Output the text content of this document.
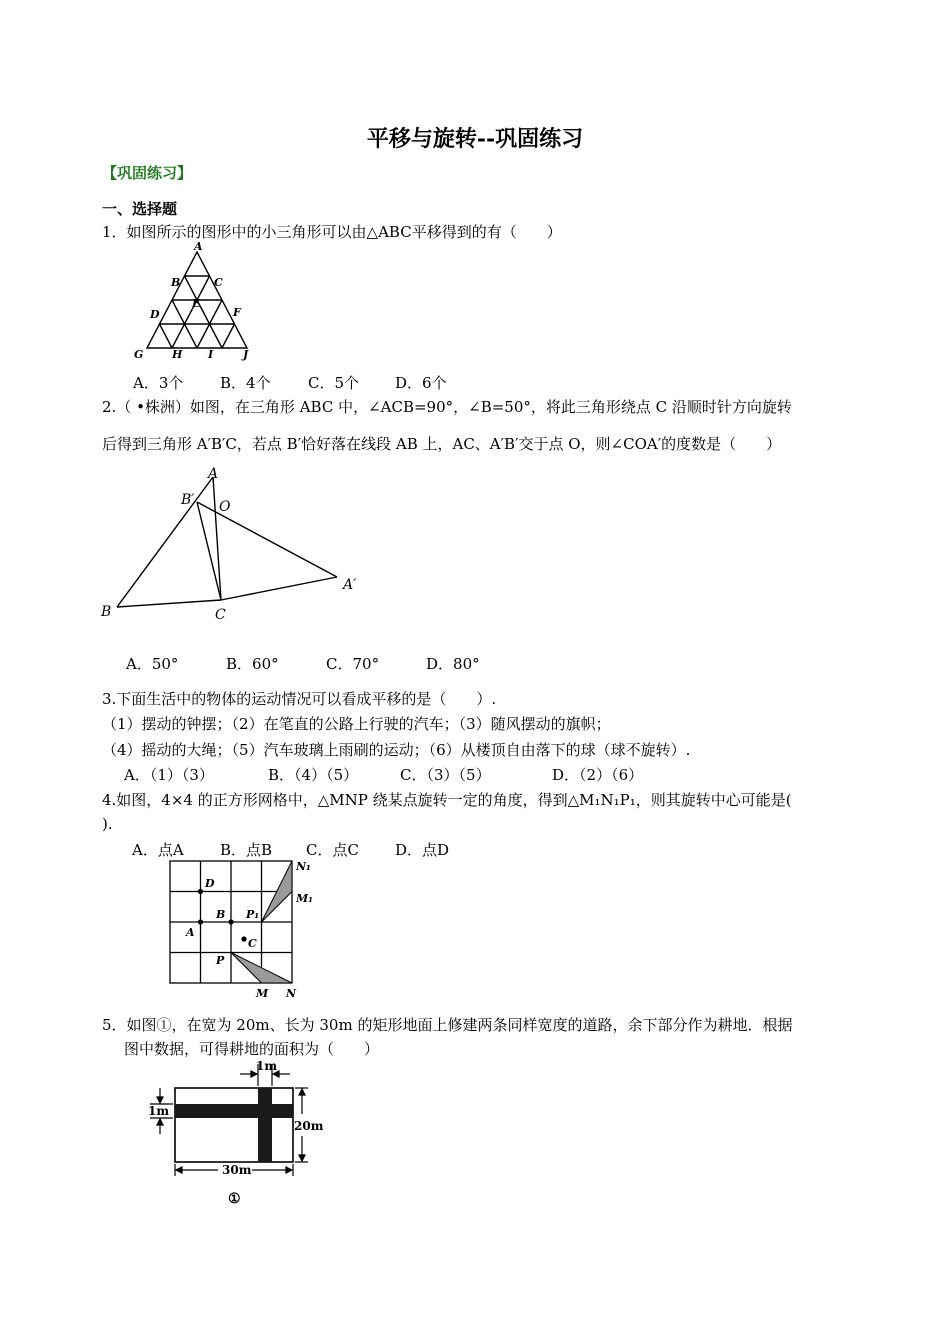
平移与旋转--巩固练习
【巩固练习】
一、选择题
1．如图所示的图形中的小三角形可以由△ABC平移得到的有（　　）
A
B	C
E
D	F
G	H I	J
A．3个 B．4个 C．5个 D．6个
2.（ •株洲）如图，在三角形 ABC 中，∠ACB=90°，∠B=50°，将此三角形绕点 C 沿顺时针方向旋转
后得到三角形 A′B′C，若点 B′恰好落在线段 AB 上，AC、A′B′交于点 O，则∠COA′的度数是（　　）
A
B′ O
A′
B	C
A．50°	B．60°	C．70°	D．80°
3.下面生活中的物体的运动情况可以看成平移的是（　　）.
（1）摆动的钟摆；（2）在笔直的公路上行驶的汽车；（3）随风摆动的旗帜；
（4）摇动的大绳；（5）汽车玻璃上雨刷的运动；（6）从楼顶自由落下的球（球不旋转）.
A．（1）（3）	B．（4）（5）	C．（3）（5）	D．（2）（6）
4.如图，4×4 的正方形网格中，△MNP 绕某点旋转一定的角度，得到△M₁N₁P₁，则其旋转中心可能是(
).
A．点A B．点B C．点C D．点D
D
B P₁
A
C
P
M N
N₁
M₁
5．如图①，在宽为 20m、长为 30m 的矩形地面上修建两条同样宽度的道路，余下部分作为耕地．根据
图中数据，可得耕地的面积为（　　）
1m
1m
20m
30m
①
